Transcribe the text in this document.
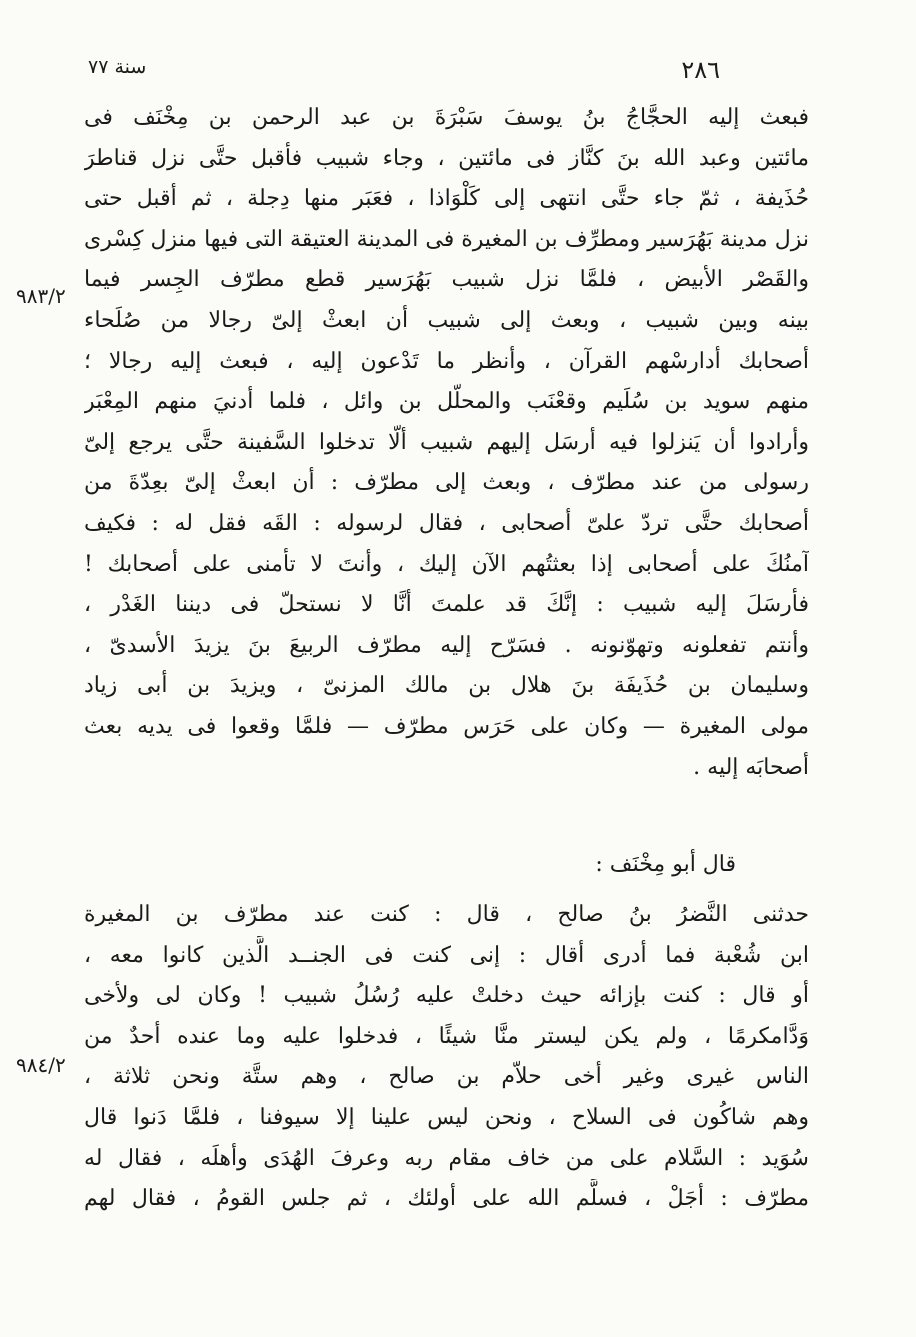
٢٨٦
سنة ٧٧
فبعث إليه الحجَّاجُ بنُ يوسفَ سَبْرَةَ بن عبد الرحمن بن مِخْنَف فى
مائتين وعبد الله بنَ كنَّاز فى مائتين ، وجاء شبيب فأقبل حتَّى نزل قناطرَ
حُذَيفة ، ثمّ جاء حتَّى انتهى إلى كَلْوَاذا ، فعَبَر منها دِجلة ، ثم أقبل حتى
نزل مدينة بَهُرَسير ومطرِّف بن المغيرة فى المدينة العتيقة التى فيها منزل كِسْرى
والقَصْر الأبيض ، فلمَّا نزل شبيب بَهُرَسير قطع مطرّف الجِسر فيما
بينه وبين شبيب ، وبعث إلى شبيب أن ابعثْ إلىّ رجالا من صُلَحاء
أصحابك أدارسْهم القرآن ، وأنظر ما تَدْعون إليه ، فبعث إليه رجالا ؛
منهم سويد بن سُلَيم وقعْنَب والمحلّل بن وائل ، فلما أدنيَ منهم المِعْبَر
وأرادوا أن يَنزلوا فيه أرسَل إليهم شبيب ألّا تدخلوا السَّفينة حتَّى يرجع إلىّ
رسولى من عند مطرّف ، وبعث إلى مطرّف : أن ابعثْ إلىّ بعِدّةَ من
أصحابك حتَّى تردّ علىّ أصحابى ، فقال لرسوله : القَه فقل له : فكيف
آمنُكَ على أصحابى إذا بعثتُهم الآن إليك ، وأنتَ لا تأمنى على أصحابك !
فأرسَلَ إليه شبيب : إنَّكَ قد علمتَ أنَّا لا نستحلّ فى ديننا الغَدْر ،
وأنتم تفعلونه وتهوّنونه . فسَرّح إليه مطرّف الربيعَ بنَ يزيدَ الأسدىّ ،
وسليمان بن حُذَيفَة بنَ هلال بن مالك المزنىّ ، ويزيدَ بن أبى زياد
مولى المغيرة — وكان على حَرَس مطرّف — فلمَّا وقعوا فى يديه بعث
أصحابَه إليه .
قال أبو مِخْنَف :
حدثنى النَّضرُ بنُ صالح ، قال : كنت عند مطرّف بن المغيرة
ابن شُعْبة فما أدرى أقال : إنى كنت فى الجنــد الَّذين كانوا معه ،
أو قال : كنت بإزائه حيث دخلتْ عليه رُسُلُ شبيب ! وكان لى ولأخى
وَدَّامكرمًا ، ولم يكن ليستر منَّا شيئًا ، فدخلوا عليه وما عنده أحدٌ من
الناس غيرى وغير أخى حلاّم بن صالح ، وهم ستَّة ونحن ثلاثة ،
وهم شاكُون فى السلاح ، ونحن ليس علينا إلا سيوفنا ، فلمَّا دَنوا قال
سُوَيد : السَّلام على من خاف مقام ربه وعرفَ الهُدَى وأهلَه ، فقال له
مطرّف : أجَلْ ، فسلَّم الله على أولئك ، ثم جلس القومُ ، فقال لهم
٩٨٣/٢
٩٨٤/٢
